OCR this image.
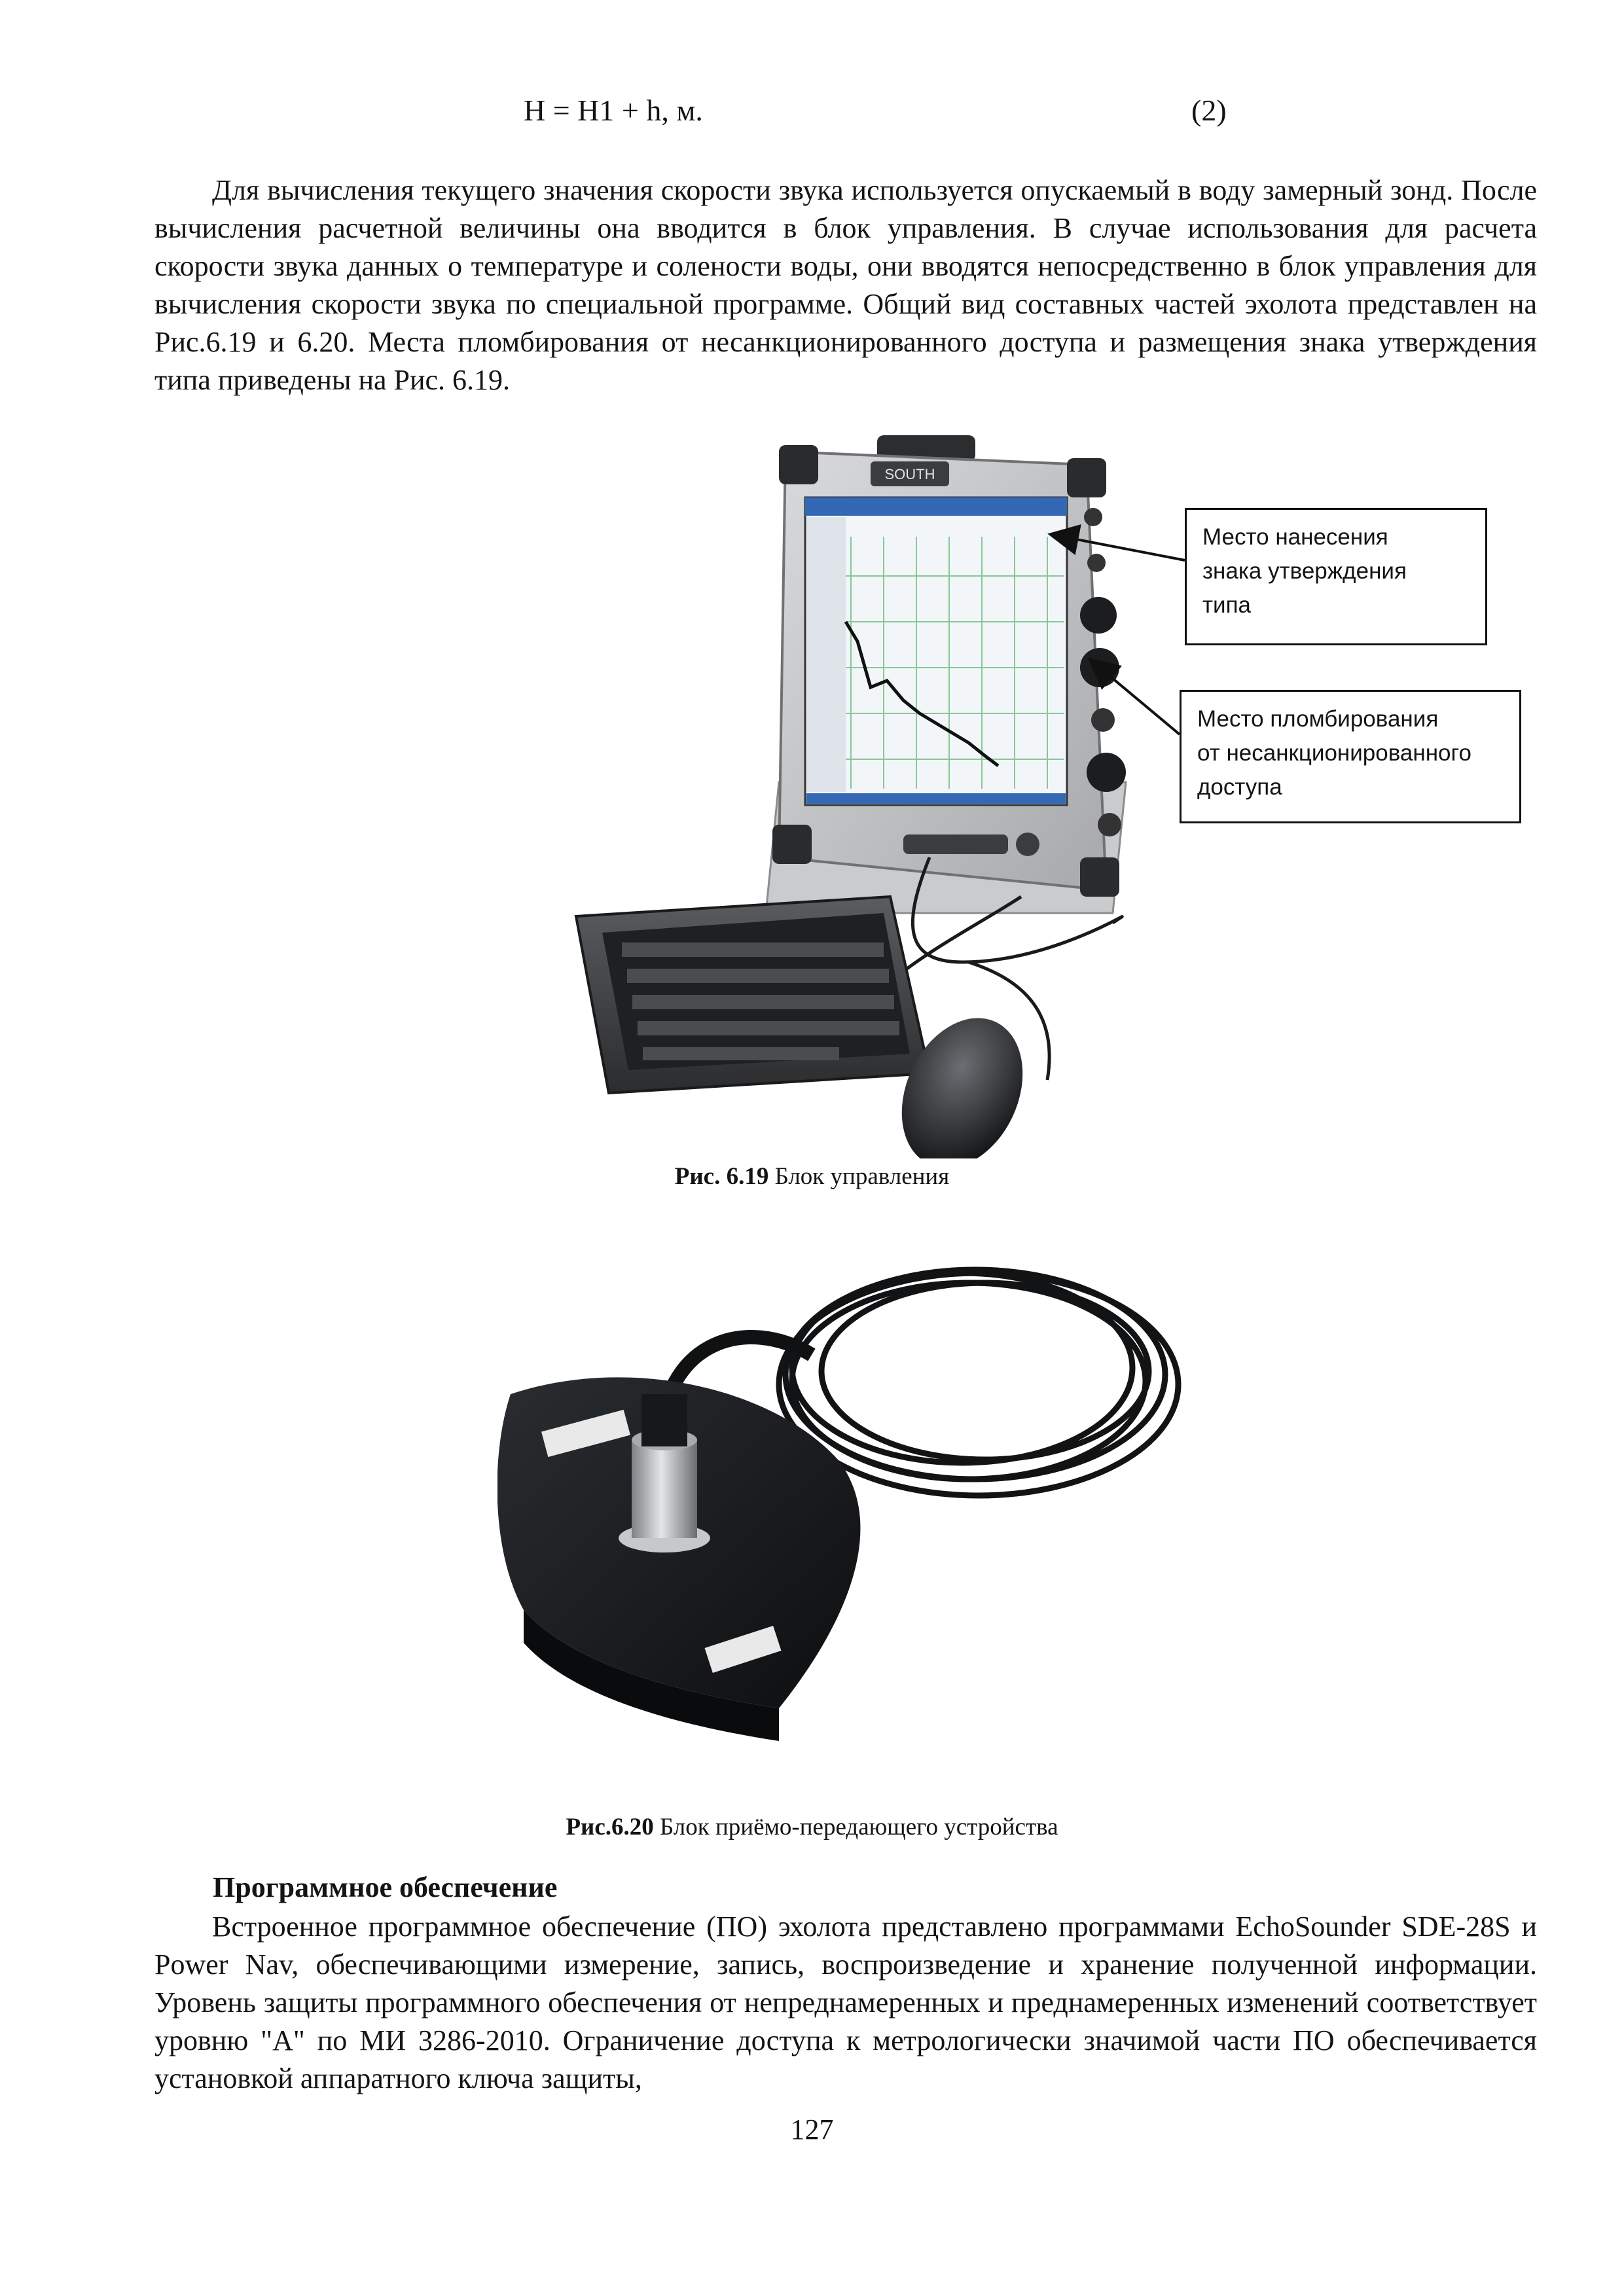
H = H1 + h, м.	(2)

Для вычисления текущего значения скорости звука используется опускаемый в воду замерный зонд. После вычисления расчетной величины она вводится в блок управления. В случае использования для расчета скорости звука данных о температуре и солености воды, они вводятся непосредственно в блок управления для вычисления скорости звука по специальной программе. Общий вид составных частей эхолота представлен на Рис.6.19 и 6.20. Места пломбирования от несанкционированного доступа и размещения знака утверждения типа приведены на Рис. 6.19.

SOUTH
Место нанесения
знака утверждения
типа
Место пломбирования
от несанкционированного
доступа
Рис. 6.19 Блок управления
Рис.6.20 Блок приёмо-передающего устройства
Программное обеспечение

Встроенное программное обеспечение (ПО) эхолота представлено программами EchoSounder SDE-28S и Power Nav, обеспечивающими измерение, запись, воспроизведение и хранение полученной информации. Уровень защиты программного обеспечения от непреднамеренных и преднамеренных изменений соответствует уровню "А" по МИ 3286-2010. Ограничение доступа к метрологически значимой части ПО обеспечивается установкой аппаратного ключа защиты,

127
